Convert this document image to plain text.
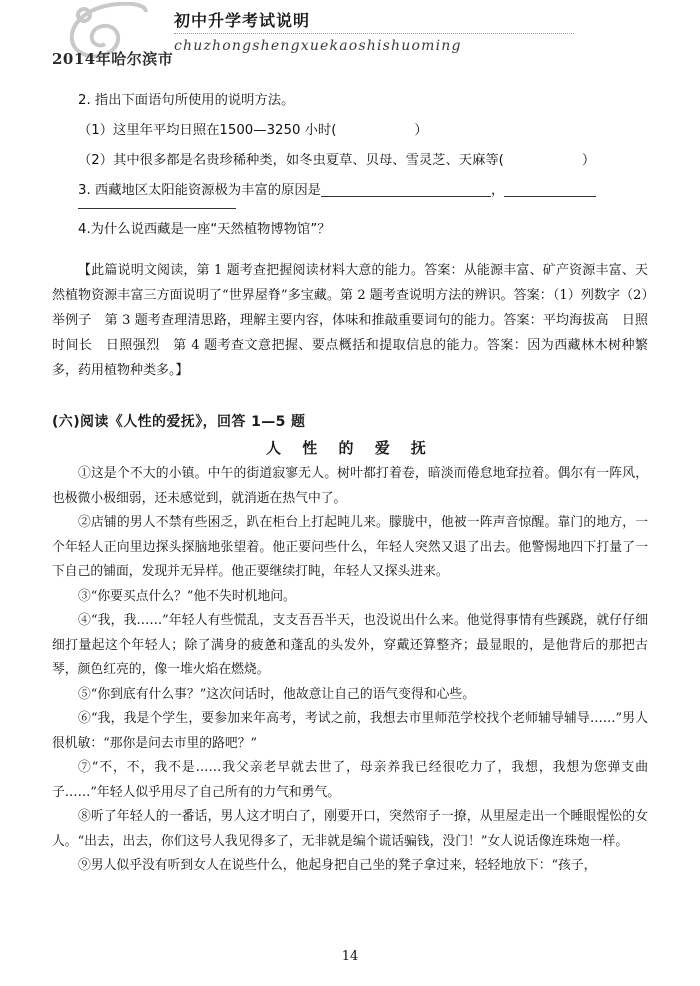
2014年哈尔滨市
初中升学考试说明
chuzhongshengxuekaoshishuoming

2. 指出下面语句所使用的说明方法。

（1）这里年平均日照在1500—3250 小时(	）

（2）其中很多都是名贵珍稀种类，如冬虫夏草、贝母、雪灵芝、天麻等(	）

3. 西藏地区太阳能资源极为丰富的原因是	，

4.为什么说西藏是一座“天然植物博物馆”？

【此篇说明文阅读，第 1 题考查把握阅读材料大意的能力。答案：从能源丰富、矿产资源丰富、天然植物资源丰富三方面说明了“世界屋脊”多宝藏。第 2 题考查说明方法的辨识。答案：（1）列数字（2）举例子　第 3 题考查理清思路，理解主要内容，体味和推敲重要词句的能力。答案：平均海拔高　日照时间长　日照强烈　第 4 题考查文意把握、要点概括和提取信息的能力。答案：因为西藏林木树种繁多，药用植物种类多。】

(六)阅读《人性的爱抚》，回答 1—5 题
人 性 的 爱 抚

①这是个不大的小镇。中午的街道寂寥无人。树叶都打着卷，暗淡而倦怠地耷拉着。偶尔有一阵风，也极微小极细弱，还未感觉到，就消逝在热气中了。

②店铺的男人不禁有些困乏，趴在柜台上打起盹儿来。朦胧中，他被一阵声音惊醒。靠门的地方，一个年轻人正向里边探头探脑地张望着。他正要问些什么，年轻人突然又退了出去。他警惕地四下打量了一下自己的铺面，发现并无异样。他正要继续打盹，年轻人又探头进来。

③“你要买点什么？”他不失时机地问。

④“我，我……”年轻人有些慌乱，支支吾吾半天，也没说出什么来。他觉得事情有些蹊跷，就仔仔细细打量起这个年轻人；除了满身的疲惫和蓬乱的头发外，穿戴还算整齐；最显眼的，是他背后的那把古琴，颜色红亮的，像一堆火焰在燃烧。

⑤“你到底有什么事？”这次问话时，他故意让自己的语气变得和心些。

⑥“我，我是个学生，要参加来年高考，考试之前，我想去市里师范学校找个老师辅导辅导……”男人很机敏：“那你是问去市里的路吧？”

⑦“不，不，我不是……我父亲老早就去世了，母亲养我已经很吃力了，我想，我想为您弹支曲子……”年轻人似乎用尽了自己所有的力气和勇气。

⑧听了年轻人的一番话，男人这才明白了，刚要开口，突然帘子一撩，从里屋走出一个睡眼惺忪的女人。“出去，出去，你们这号人我见得多了，无非就是编个谎话骗钱，没门！”女人说话像连珠炮一样。

⑨男人似乎没有听到女人在说些什么，他起身把自己坐的凳子拿过来，轻轻地放下：“孩子，

14
